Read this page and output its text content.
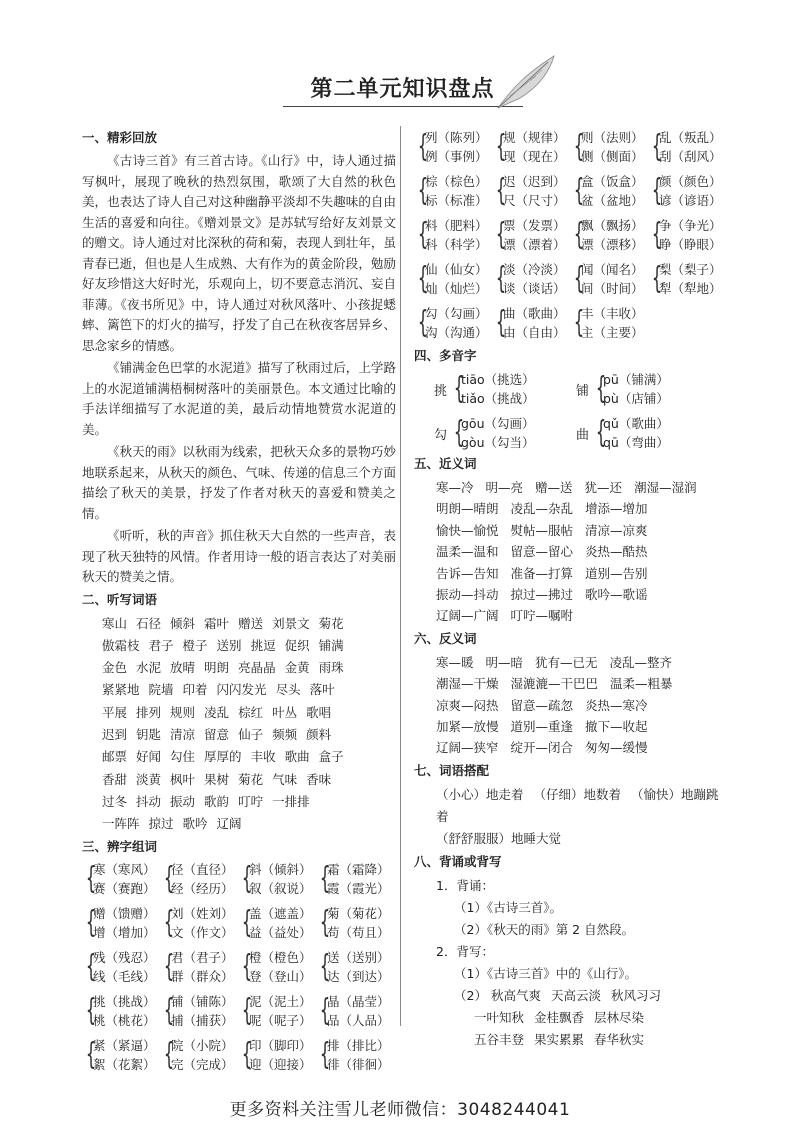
第二单元知识盘点
一、精彩回放

《古诗三首》有三首古诗。《山行》中，诗人通过描写枫叶，展现了晚秋的热烈氛围，歌颂了大自然的秋色美，也表达了诗人自己对这种幽静平淡却不失趣味的自由生活的喜爱和向往。《赠刘景文》是苏轼写给好友刘景文的赠文。诗人通过对比深秋的荷和菊，表现人到壮年，虽青春已逝，但也是人生成熟、大有作为的黄金阶段，勉励好友珍惜这大好时光，乐观向上，切不要意志消沉、妄自菲薄。《夜书所见》中，诗人通过对秋风落叶、小孩捉蟋蟀、篱笆下的灯火的描写，抒发了自己在秋夜客居异乡、思念家乡的情感。

《铺满金色巴掌的水泥道》描写了秋雨过后，上学路上的水泥道铺满梧桐树落叶的美丽景色。本文通过比喻的手法详细描写了水泥道的美，最后动情地赞赏水泥道的美。

《秋天的雨》以秋雨为线索，把秋天众多的景物巧妙地联系起来，从秋天的颜色、气味、传递的信息三个方面描绘了秋天的美景，抒发了作者对秋天的喜爱和赞美之情。

《听听，秋的声音》抓住秋天大自然的一些声音，表现了秋天独特的风情。作者用诗一般的语言表达了对美丽秋天的赞美之情。

二、听写词语
寒山 石径 倾斜 霜叶 赠送 刘景文 菊花
傲霜枝 君子 橙子 送别 挑逗 促织 铺满
金色 水泥 放晴 明朗 亮晶晶 金黄 雨珠
紧紧地 院墙 印着 闪闪发光 尽头 落叶
平展 排列 规则 凌乱 棕红 叶丛 歌唱
迟到 钥匙 清凉 留意 仙子 频频 颜料
邮票 好闻 勾住 厚厚的 丰收 歌曲 盒子
香甜 淡黄 枫叶 果树 菊花 气味 香味
过冬 抖动 振动 歌韵 叮咛 一排排
一阵阵 掠过 歌吟 辽阔
三、辨字组词
{
寒（寒风）
赛（赛跑） {
径（直径）
经（经历） {
斜（倾斜）
叙（叙说） {
霜（霜降）
霞（霞光）
{
赠（馈赠）
增（增加） {
刘（姓刘）
文（作文） {
盖（遮盖）
益（益处） {
菊（菊花）
苟（苟且）
{
残（残忍）
线（毛线） {
君（君子）
群（群众） {
橙（橙色）
登（登山） {
送（送别）
达（到达）
{
挑（挑战）
桃（桃花） {
铺（铺陈）
捕（捕获） {
泥（泥土）
呢（呢子） {
晶（晶莹）
品（人品）
{
紧（紧逼）
絮（花絮） {
院（小院）
完（完成） {
印（脚印）
迎（迎接） {
排（排比）
徘（徘徊）
{
列（陈列）
例（事例） {
规（规律）
现（现在） {
则（法则）
侧（侧面） {
乱（叛乱）
刮（刮风）
{
棕（棕色）
标（标准） {
迟（迟到）
尺（尺寸） {
盒（饭盒）
盆（盆地） {
颜（颜色）
谚（谚语）
{
料（肥料）
科（科学） {
票（发票）
漂（漂着） {
飘（飘扬）
漂（漂移） {
争（争光）
睁（睁眼）
{
仙（仙女）
灿（灿烂） {
淡（冷淡）
谈（谈话） {
闻（闻名）
间（时间） {
梨（梨子）
犁（犁地）
{
勾（勾画）
沟（沟通） {
曲（歌曲）
由（自由） {
丰（丰收）
主（主要）
四、多音字
挑 {
tiāo（挑选）
tiǎo（挑战）	铺 {
pū（铺满）
pù（店铺）
勾 {
gōu（勾画）
gòu（勾当）	曲 {
qǔ（歌曲）
qū（弯曲）
五、近义词
寒—冷 明—亮 赠—送 犹—还 潮湿—湿润
明朗—晴朗 凌乱—杂乱 增添—增加
愉快—愉悦 熨帖—服帖 清凉—凉爽
温柔—温和 留意—留心 炎热—酷热
告诉—告知 准备—打算 道别—告别
振动—抖动 掠过—拂过 歌吟—歌谣
辽阔—广阔 叮咛—嘱咐
六、反义词
寒—暖 明—暗 犹有—已无 凌乱—整齐
潮湿—干燥 湿漉漉—干巴巴 温柔—粗暴
凉爽—闷热 留意—疏忽 炎热—寒冷
加紧—放慢 道别—重逢 撤下—收起
辽阔—狭窄 绽开—闭合 匆匆—缓慢
七、词语搭配
（小心）地走着 （仔细）地数着 （愉快）地蹦跳着
（舒舒服服）地睡大觉
八、背诵或背写
1．背诵：
（1）《古诗三首》。
（2）《秋天的雨》第 2 自然段。
2．背写：
（1）《古诗三首》中的《山行》。
（2） 秋高气爽 天高云淡 秋风习习
一叶知秋 金桂飘香 层林尽染
五谷丰登 果实累累 春华秋实
更多资料关注雪儿老师微信：3048244041
